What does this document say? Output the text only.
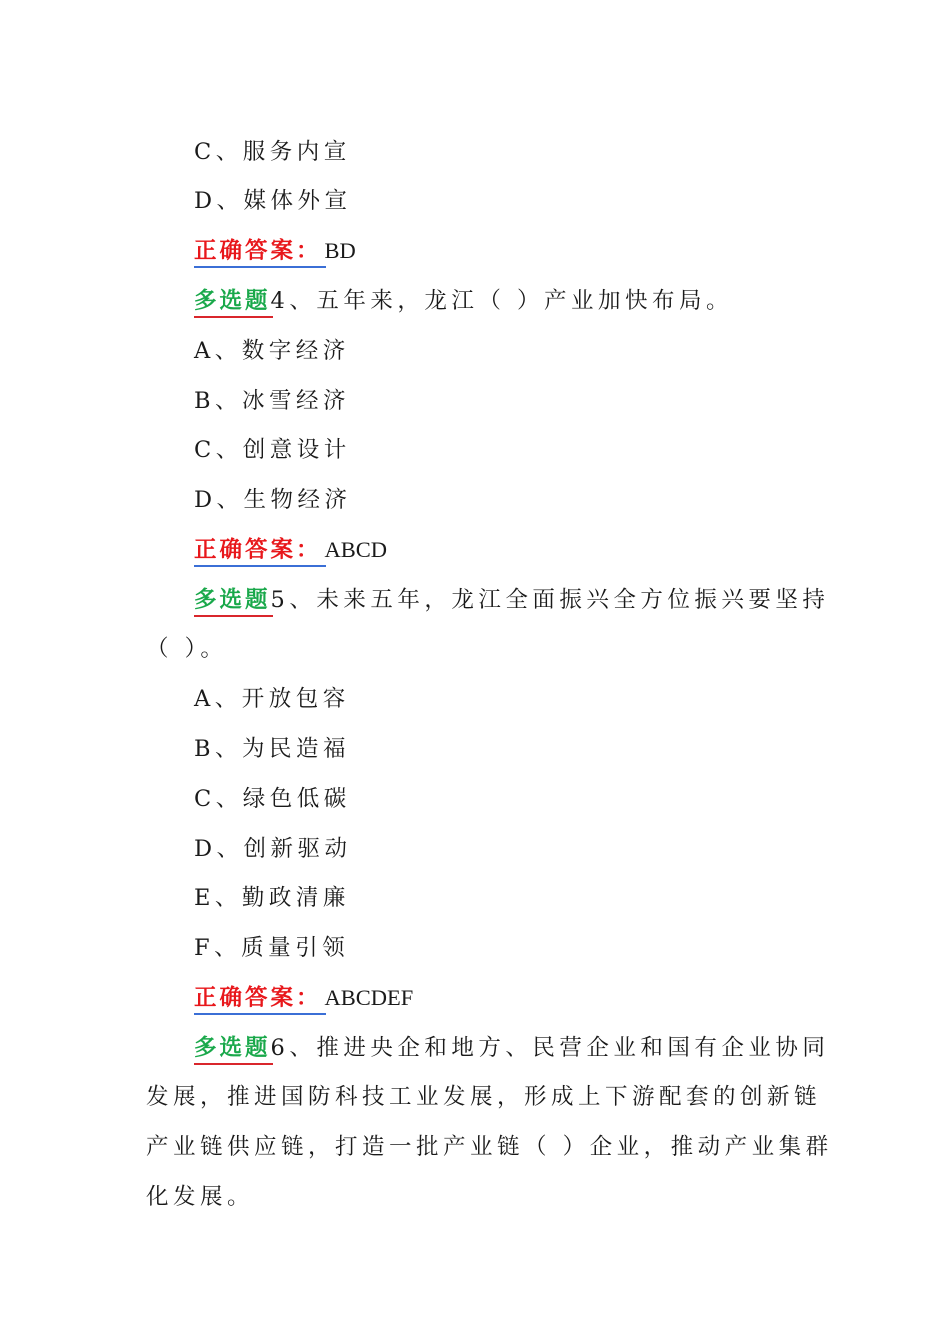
C、服务内宣
D、媒体外宣
正确答案： BD
多选题4、五年来，龙江（ ）产业加快布局。
A、数字经济
B、冰雪经济
C、创意设计
D、生物经济
正确答案： ABCD
多选题5、未来五年，龙江全面振兴全方位振兴要坚持
（ ）。
A、开放包容
B、为民造福
C、绿色低碳
D、创新驱动
E、勤政清廉
F、质量引领
正确答案： ABCDEF
多选题6、推进央企和地方、民营企业和国有企业协同
发展，推进国防科技工业发展，形成上下游配套的创新链
产业链供应链，打造一批产业链（ ）企业，推动产业集群
化发展。
